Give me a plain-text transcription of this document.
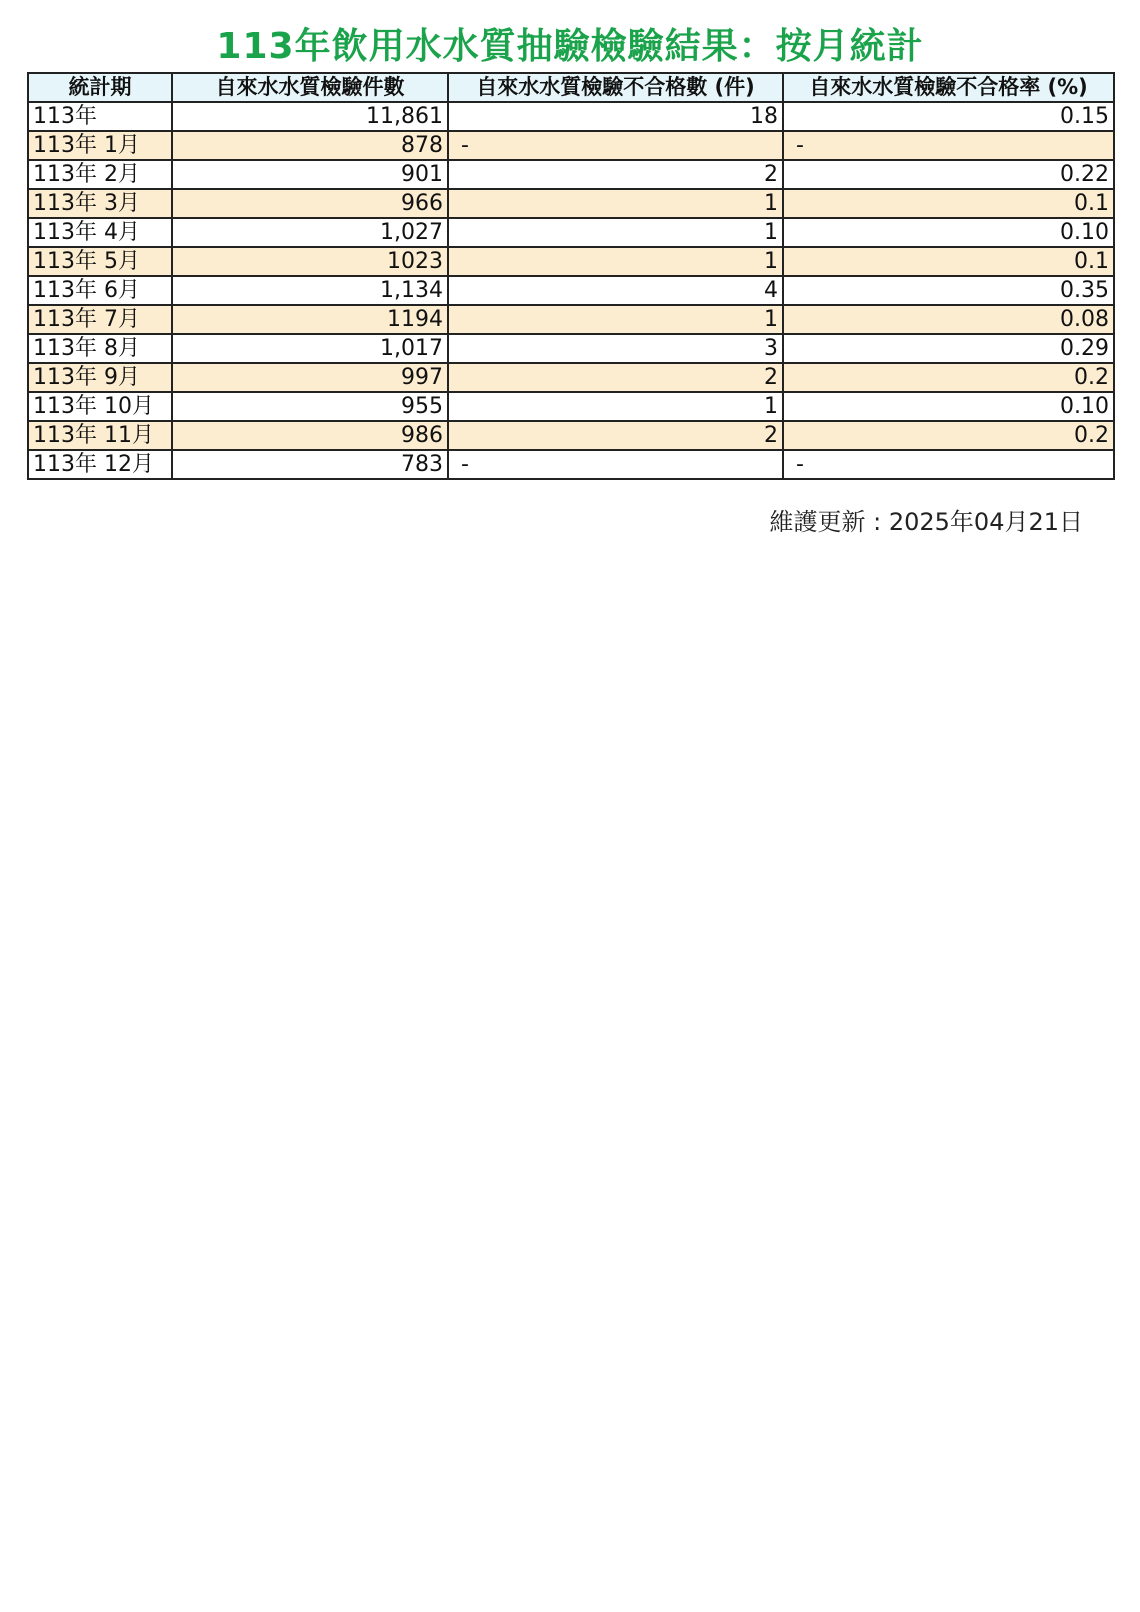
113年飲用水水質抽驗檢驗結果：按月統計
統計期	自來水水質檢驗件數	自來水水質檢驗不合格數 (件)	自來水水質檢驗不合格率 (%)
113年	11,861	18	0.15
113年 1月	878	-	-
113年 2月	901	2	0.22
113年 3月	966	1	0.1
113年 4月	1,027	1	0.10
113年 5月	1023	1	0.1
113年 6月	1,134	4	0.35
113年 7月	1194	1	0.08
113年 8月	1,017	3	0.29
113年 9月	997	2	0.2
113年 10月	955	1	0.10
113年 11月	986	2	0.2
113年 12月	783	-	-
維護更新 : 2025年04月21日
